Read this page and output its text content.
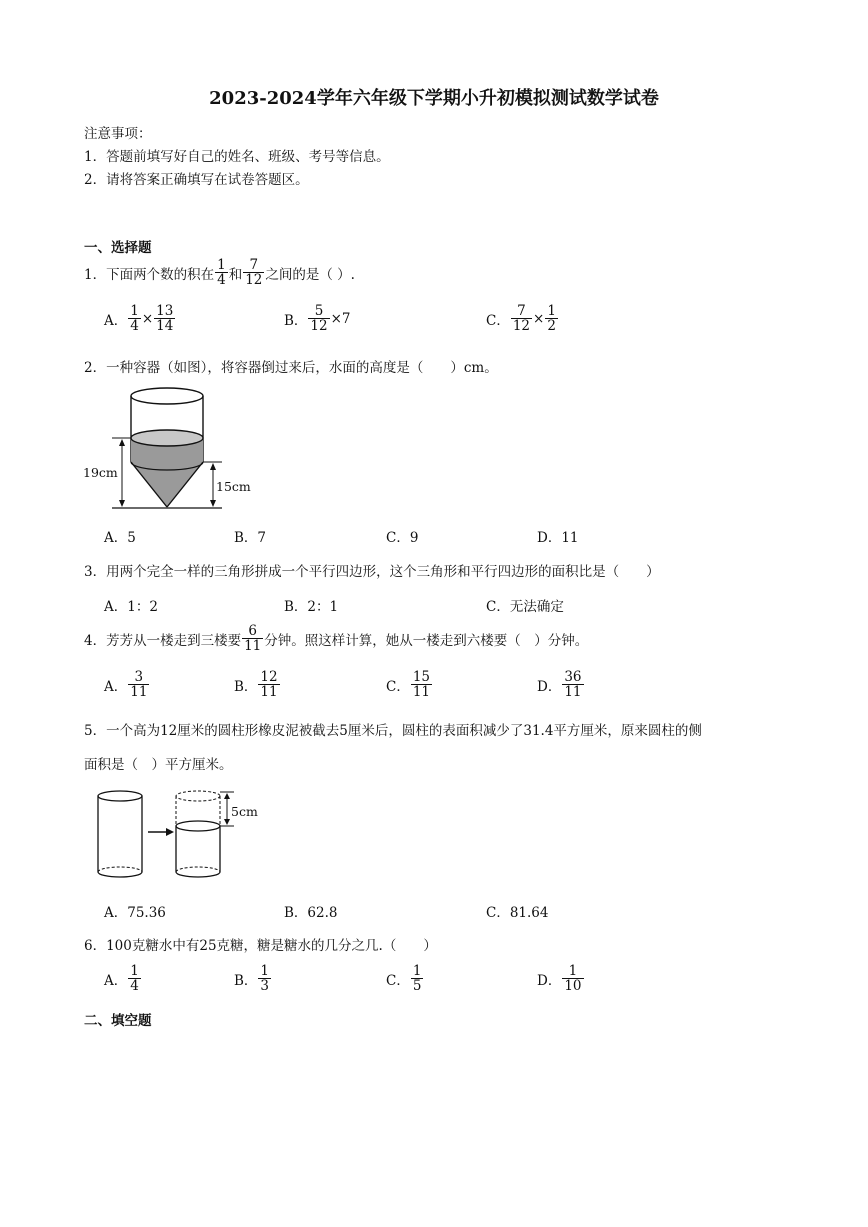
2023-2024学年六年级下学期小升初模拟测试数学试卷
注意事项：
1．答题前填写好自己的姓名、班级、考号等信息。
2．请将答案正确填写在试卷答题区。
一、选择题
1．下面两个数的积在 $\frac{1}{4}$ 和 $\frac{7}{12}$ 之间的是（ ）.
A． $\frac{1}{4} \times \frac{13}{14}$	B． $\frac{5}{12} \times 7$	C． $\frac{7}{12} \times \frac{1}{2}$
2．一种容器（如图），将容器倒过来后，水面的高度是（　　）cm。
19cm
15cm
A．5	B．7	C．9	D．11
3．用两个完全一样的三角形拼成一个平行四边形，这个三角形和平行四边形的面积比是（　　）
A．1：2	B．2：1	C．无法确定
4．芳芳从一楼走到三楼要 $\frac{6}{11}$ 分钟。照这样计算，她从一楼走到六楼要（　）分钟。
A． $\frac{3}{11}$	B． $\frac{12}{11}$	C． $\frac{15}{11}$	D． $\frac{36}{11}$
5．一个高为12厘米的圆柱形橡皮泥被截去5厘米后，圆柱的表面积减少了31.4平方厘米，原来圆柱的侧
面积是（　）平方厘米。
5cm
A．75.36	B．62.8	C．81.64
6．100克糖水中有25克糖，糖是糖水的几分之几.（　　）
A． $\frac{1}{4}$	B． $\frac{1}{3}$	C． $\frac{1}{5}$	D． $\frac{1}{10}$
二、填空题
